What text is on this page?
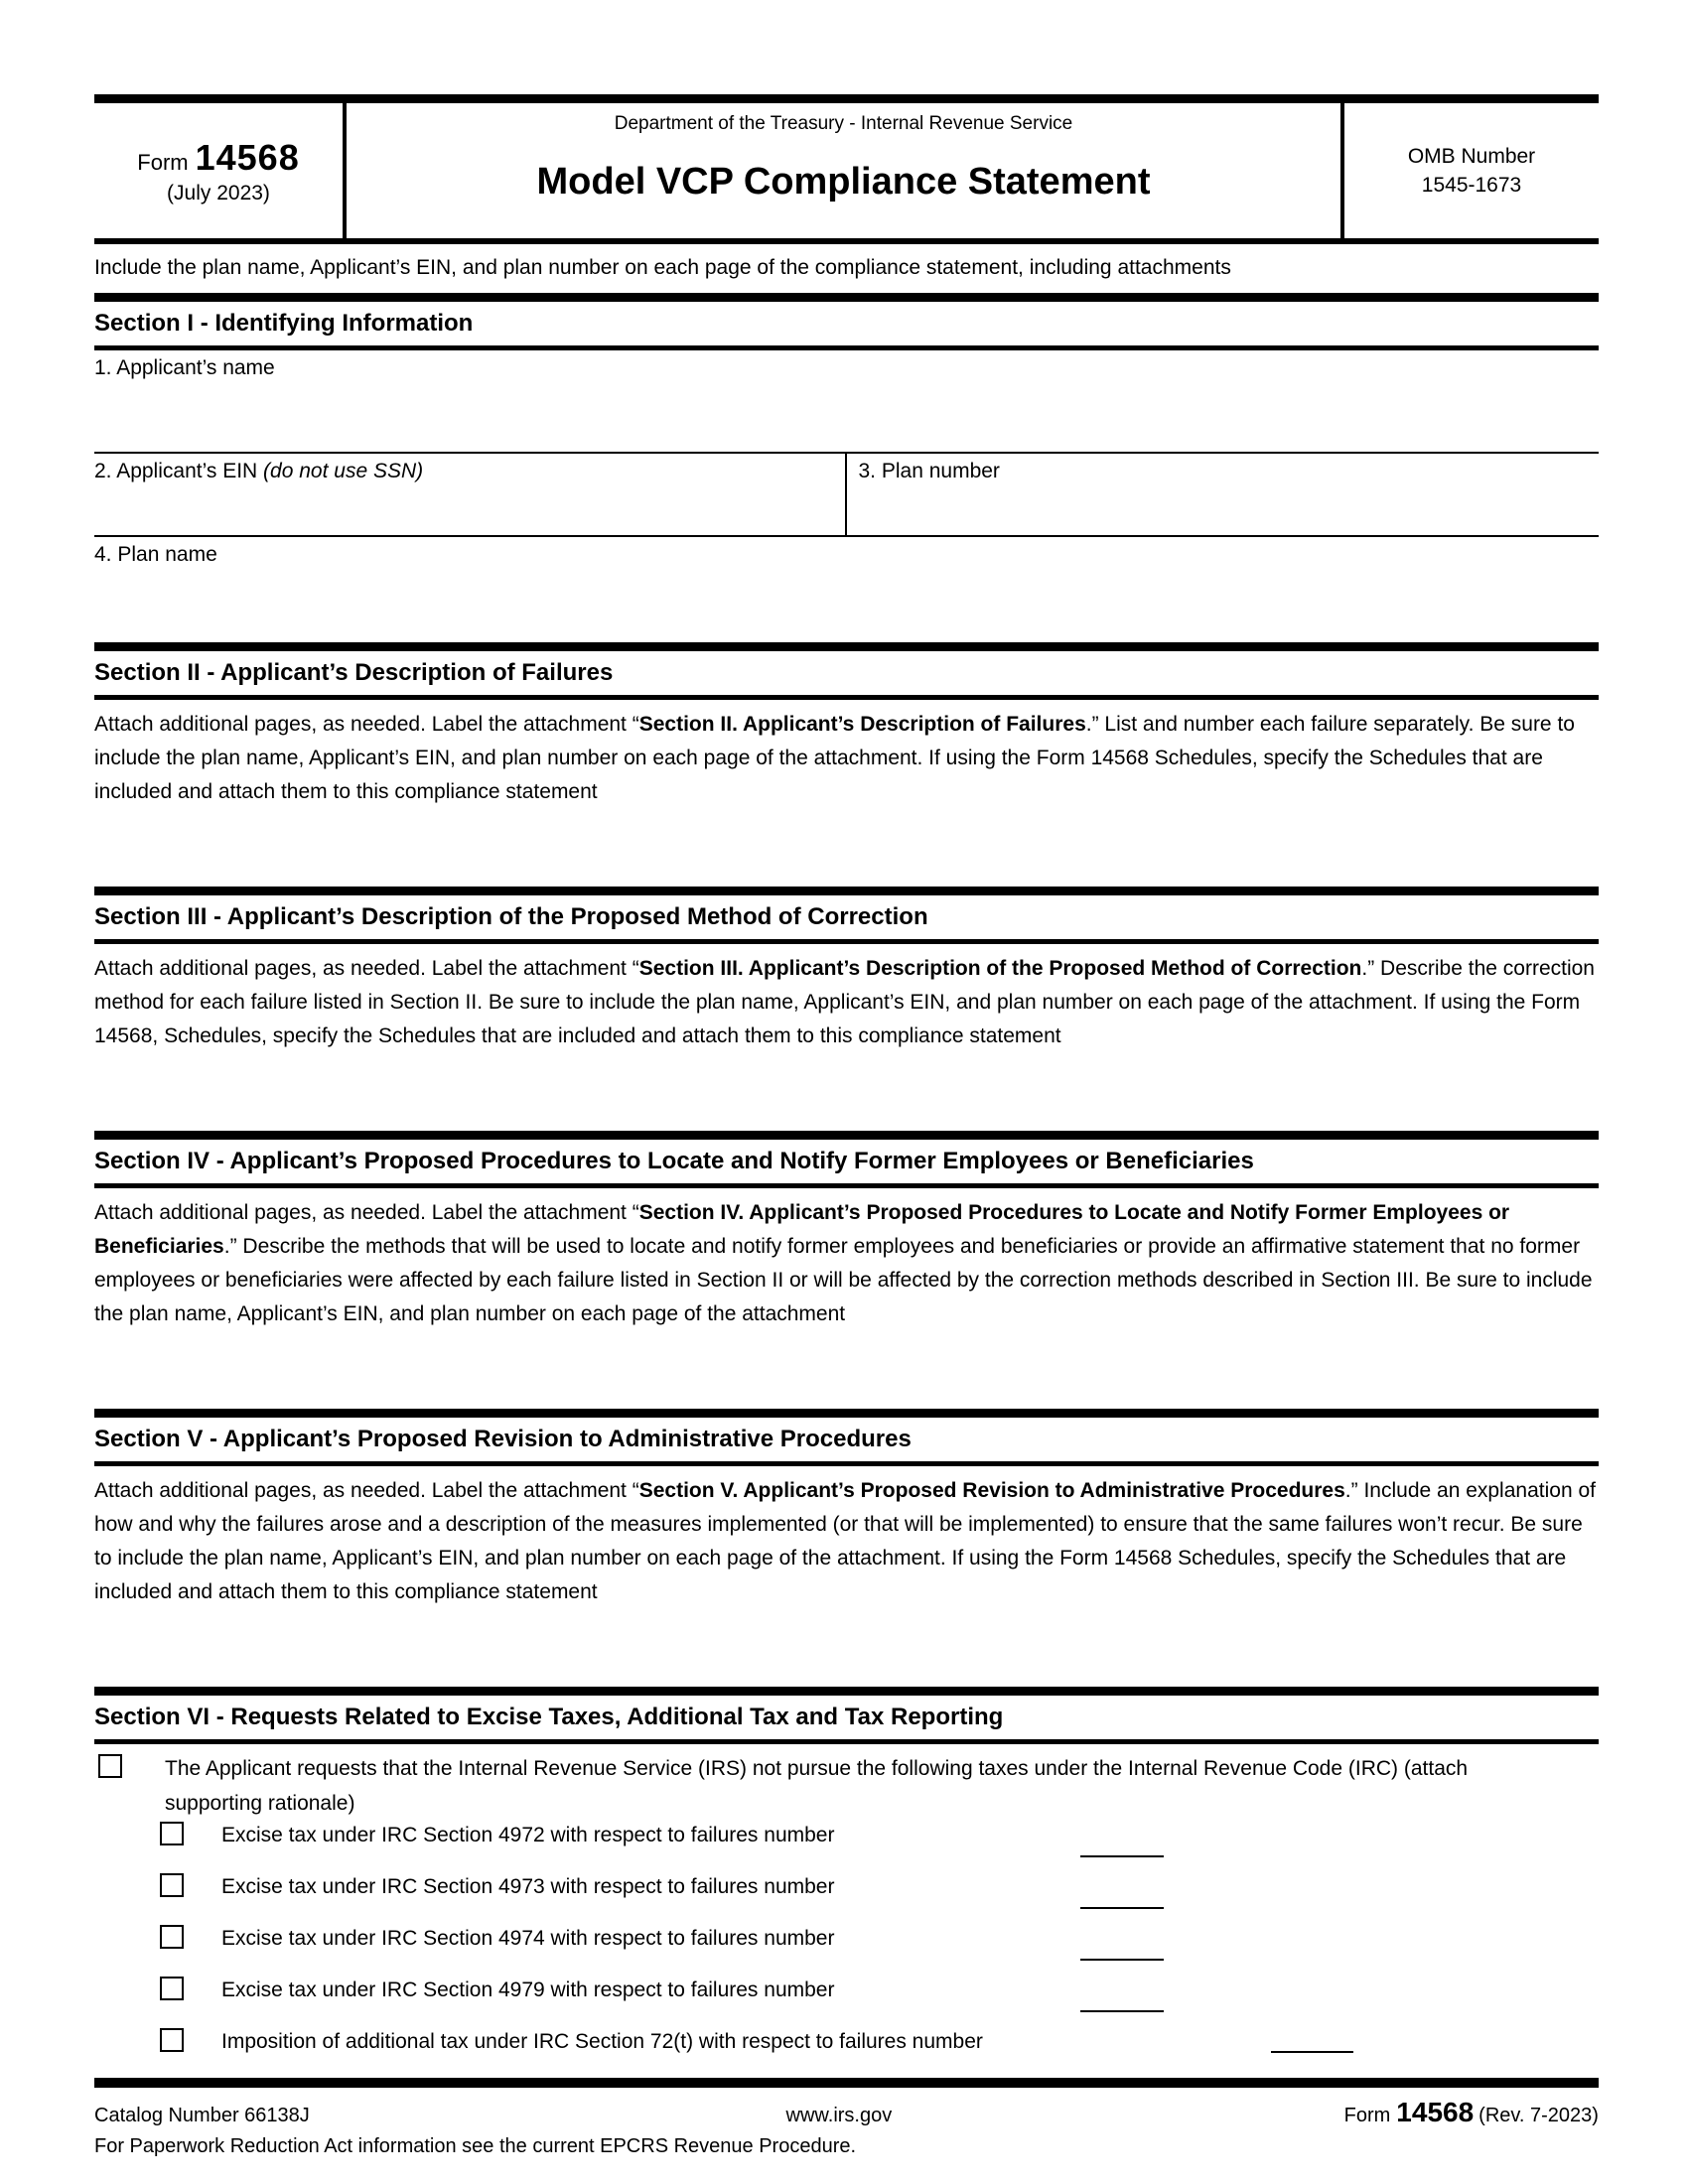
Form 14568
(July 2023)
Department of the Treasury - Internal Revenue Service
Model VCP Compliance Statement
OMB Number
1545-1673
Include the plan name, Applicant’s EIN, and plan number on each page of the compliance statement, including attachments
Section I - Identifying Information
1. Applicant’s name
2. Applicant’s EIN (do not use SSN)	3. Plan number
4. Plan name
Section II - Applicant’s Description of Failures

Attach additional pages, as needed. Label the attachment “Section II. Applicant’s Description of Failures.” List and number each failure separately. Be sure to include the plan name, Applicant’s EIN, and plan number on each page of the attachment. If using the Form 14568 Schedules, specify the Schedules that are included and attach them to this compliance statement

Section III - Applicant’s Description of the Proposed Method of Correction

Attach additional pages, as needed. Label the attachment “Section III. Applicant’s Description of the Proposed Method of Correction.” Describe the correction method for each failure listed in Section II. Be sure to include the plan name, Applicant’s EIN, and plan number on each page of the attachment. If using the Form 14568, Schedules, specify the Schedules that are included and attach them to this compliance statement

Section IV - Applicant’s Proposed Procedures to Locate and Notify Former Employees or Beneficiaries

Attach additional pages, as needed. Label the attachment “Section IV. Applicant’s Proposed Procedures to Locate and Notify Former Employees or Beneficiaries.” Describe the methods that will be used to locate and notify former employees and beneficiaries or provide an affirmative statement that no former employees or beneficiaries were affected by each failure listed in Section II or will be affected by the correction methods described in Section III. Be sure to include the plan name, Applicant’s EIN, and plan number on each page of the attachment

Section V - Applicant’s Proposed Revision to Administrative Procedures

Attach additional pages, as needed. Label the attachment “Section V. Applicant’s Proposed Revision to Administrative Procedures.” Include an explanation of how and why the failures arose and a description of the measures implemented (or that will be implemented) to ensure that the same failures won’t recur. Be sure to include the plan name, Applicant’s EIN, and plan number on each page of the attachment. If using the Form 14568 Schedules, specify the Schedules that are included and attach them to this compliance statement

Section VI - Requests Related to Excise Taxes, Additional Tax and Tax Reporting
The Applicant requests that the Internal Revenue Service (IRS) not pursue the following taxes under the Internal Revenue Code (IRC) (attach supporting rationale)
Excise tax under IRC Section 4972 with respect to failures number
Excise tax under IRC Section 4973 with respect to failures number
Excise tax under IRC Section 4974 with respect to failures number
Excise tax under IRC Section 4979 with respect to failures number
Imposition of additional tax under IRC Section 72(t) with respect to failures number
Catalog Number 66138J	www.irs.gov	Form 14568 (Rev. 7-2023)
For Paperwork Reduction Act information see the current EPCRS Revenue Procedure.
